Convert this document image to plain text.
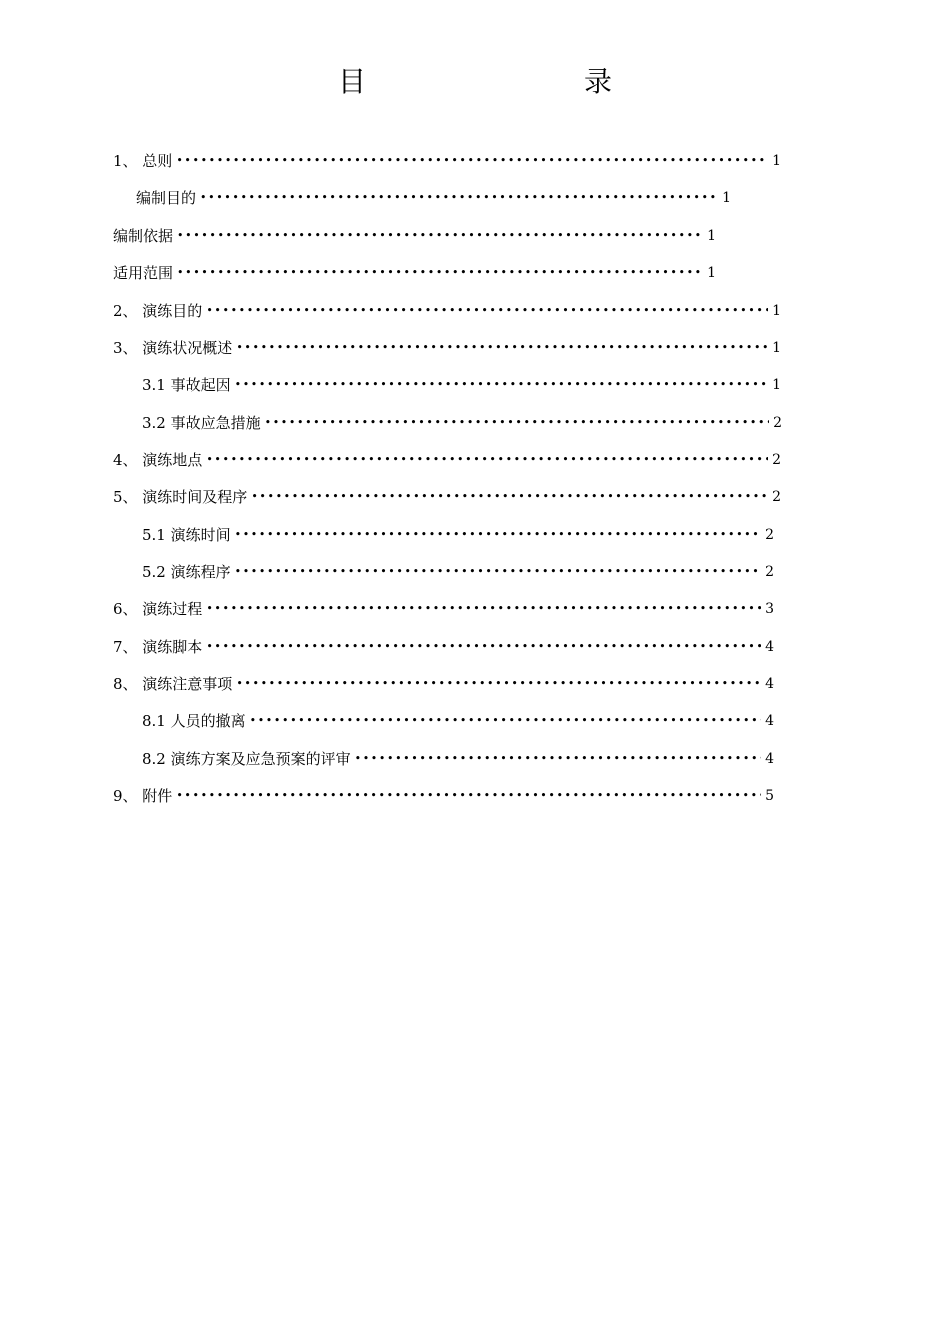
目　　录
1、 总则 •••••	1
编制目的 •••••	1
编制依据 •••••	1
适用范围 •••••	1
2、 演练目的 •••••	1
3、 演练状况概述 •••••	1
3.1 事故起因 •••••	1
3.2 事故应急措施 •••••	2
4、 演练地点 •••••	2
5、 演练时间及程序 •••••	2
5.1 演练时间 •••••	2
5.2 演练程序 •••••	2
6、 演练过程 •••••	3
7、 演练脚本 •••••	4
8、 演练注意事项 •••••	4
8.1 人员的撤离 •••••	4
8.2 演练方案及应急预案的评审 •••••	4
9、 附件 •••••	5
